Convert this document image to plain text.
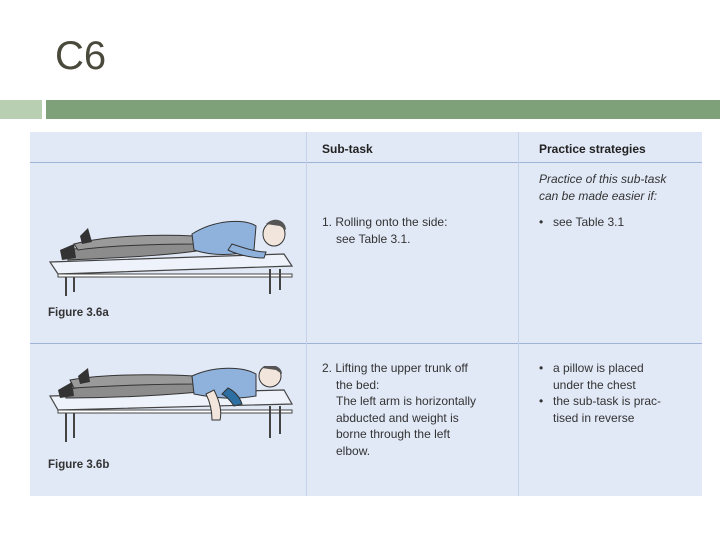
C6
Sub-task	Practice strategies
Figure 3.6a
1. Rolling onto the side:
see Table 3.1.
Practice of this sub-task
can be made easier if:
• see Table 3.1
Figure 3.6b
2. Lifting the upper trunk off
the bed:
The left arm is horizontally
abducted and weight is
borne through the left
elbow.
• a pillow is placed
under the chest
• the sub-task is prac-
tised in reverse
